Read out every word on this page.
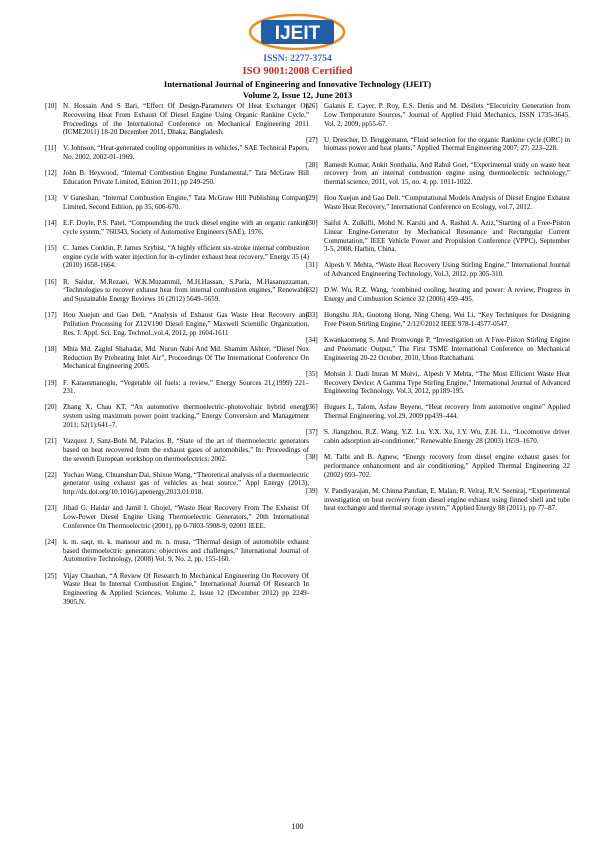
IJEIT
ISSN: 2277-3754
ISO 9001:2008 Certified
International Journal of Engineering and Innovative Technology (IJEIT)
Volume 2, Issue 12, June 2013

[10] N. Hossain And S Bari, “Effect Of Design-Parameters Of Heat Exchanger On Recovering Heat From Exhaust Of Diesel Engine Using Organic Rankine Cycle,” Proceedings of the International Conference on Mechanical Engineering 2011 (ICME2011) 18-20 December 2011, Dhaka, Bangladesh.

[11] V. Johnson, “Heat-generated cooling opportunities in vehicles,” SAE Technical Papers, No. 2002, 2002-01-1969.

[12] John B. Heywood, “Internal Combustion Engine Fundamental,” Tata McGraw Hill Education Private Limited, Edition 2011, pp 249-250.

[13] V Ganeshan, “Internal Combustion Engine,” Tata McGraw Hill Publishing Company Limited, Second Edition, pp 35, 606-670.

[14] E.F. Doyle, P.S. Patel, “Compounding the truck diesel engine with an organic rankine cycle system,” 760343, Society of Automotive Engineers (SAE), 1976.

[15] C. James Conklin, P. James Szybist, “A highly efficient six-stroke internal combustion engine cycle with water injection for in-cylinder exhaust heat recovery,” Energy 35 (4) (2010) 1658-1664.

[16] R. Saidur, M.Rezaei, W.K.Muzammil, M.H.Hassan, S.Paria, M.Hasanuzzaman, ‘Technologies to recover exhaust heat from internal combustion engines,” Renewable and Sustainable Energy Reviews 16 (2012) 5649–5659.

[17] Hou Xuejun and Gao Deli, “Analysis of Exhaust Gas Waste Heat Recovery and Pollution Processing for Z12V190 Diesel Engine,” Maxwell Scientific Organization, Res. J. Appl. Sci. Eng. Technol.,vol.4, 2012, pp 1604-1611

[18] Mhia Md. Zaglul Shahadat, Md. Nurun Nabi And Md. Shamim Akhter, “Diesel Nox Reduction By Preheating Inlet Air”, Proceedings Of The International Conference On Mechanical Engineering 2005.

[19] F. Karaosmanoglu, “Vegetable oil fuels: a review,” Energy Sources 21,(1999) 221–231.

[20] Zhang X, Chau KT, “An automotive thermoelectric–photovoltaic hybrid energy system using maximum power point tracking,” Energy Conversion and Management 2011; 52(1):641–7.

[21] Vazquez J, Sanz-Bobi M, Palacios R, “State of the art of thermoelectric generators based on heat recovered from the exhaust gases of automobiles,” In: Proceedings of the seventh European workshop on thermoelectrics; 2002.

[22] Yuchao Wang, Chuanshan Dai, Shixue Wang, “Theoretical analysis of a thermoelectric generator using exhaust gas of vehicles as heat source,” Appl Energy (2013), http://dx.doi.org/10.1016/j.apenergy.2013.01.018.

[23] Jihad G. Haidar and Jamil I. Ghojel, “Waste Heat Recovery From The Exhaust Of Low-Power Diesel Engine Using Thermoelectric Generators,” 20th International Conference On Thermoelectric (2001), pp 0-7803-5908-9, 02001 IEEE.

[24] k. m. saqr, m. k. mansour and m. n. musa, “Thermal design of automobile exhaust based thermoelectric generators: objectives and challenges,” International Journal of Automotive Technology, (2008) Vol. 9, No. 2, pp. 155-160.

[25] Vijay Chauhan, “A Review Of Research In Mechanical Engineering On Recovery Of Waste Heat In Internal Combustion Engine,” International Journal Of Research In Engineering & Applied Sciences, Volume 2, Issue 12 (December 2012) pp 2249-3905.N.

[26] Galanis E. Cayer, P. Roy, E.S. Denis and M. Désilets “Electricity Generation from Low Temperature Sources,” Journal of Applied Fluid Mechanics, ISSN 1735-3645. Vol. 2, 2009, pp55-67.

[27] U. Drescher, D. Bruggemann, “Fluid selection for the organic Rankine cycle (ORC) in biomass power and heat plants,” Applied Thermal Engineering 2007; 27: 223–228.

[28] Ramesh Kumar, Ankit Sonthalia, And Rahul Goel, “Experimental study on waste heat recovery from an internal combustion engine using thermoelectric technology,” thermal science, 2011, vol. 15, no. 4, pp. 1011-1022.

[29] Hou Xuejun and Gao Deli. “Computational Models Analysis of Diesel Engine Exhaust Waste Heat Recovery,” International Conference on Ecology, vol.7, 2012.

[30] Saiful A. Zulkifli, Mohd N. Karsiti and A. Rashid A. Aziz,”Starting of a Free-Piston Linear Engine-Generator by Mechanical Resonance and Rectangular Current Commutation,” IEEE Vehicle Power and Propulsion Conference (VPPC), September 3-5, 2008, Harbin, China.

[31] Alpesh V. Mehta, “Waste Heat Recovery Using Stirling Engine,” International Journal of Advanced Engineering Technology, Vol.3, 2012. pp 305-310.

[32] D.W. Wu, R.Z. Wang, ‘combined cooling, heating and power: A review, Progress in Energy and Combustion Science 32 (2006) 459–495.

[33] Hongshu JIA, Guotong Hong, Ning Cheng, Wei Li, “Key Techniques for Designing Free Piston Stirling Engine,” 2/12©2012 IEEE 978-1-4577-0547.

[34] Kwankaomeng S, And Promvonge P, “Investigation on A Free-Piston Stirling Engine and Pneumatic Output,” The First TSME International Conference on Mechanical Engineering 20-22 October, 2010, Ubon Ratchathani.

[35] Mohsin J. Dadi Imran M Molvi,. Alpesh V Mehta, “The Most Efficient Waste Heat Recovery Device: A Gamma Type Stirling Engine,” International Journal of Advanced Engineering Technology, Vol.3, 2012, pp189-195.

[36] Hugues L. Talom, Asfaw Beyene, “Heat recovery from automotive engine” Applied Thermal Engineering, vol.29, 2009 pp439–444.

[37] S. Jiangzhou, R.Z. Wang, Y.Z. Lu, Y.X. Xu, J.Y. Wu, Z.H. Li., “Locomotive driver cabin adsorption air-conditioner,” Renewable Energy 28 (2003) 1659–1670.

[38] M. Talbi and B. Agnew, “Energy recovery from diesel engine exhaust gases for performance enhancement and air conditioning,” Applied Thermal Engineering 22 (2002) 693–702.

[39] V. Pandiyarajan, M. Chinna Pandian, E. Malan, R. Velraj, R.V. Seeniraj, “Experimental investigation on heat recovery from diesel engine exhaust using finned shell and tube heat exchanger and thermal storage system,” Applied Energy 88 (2011), pp 77–87.

100
